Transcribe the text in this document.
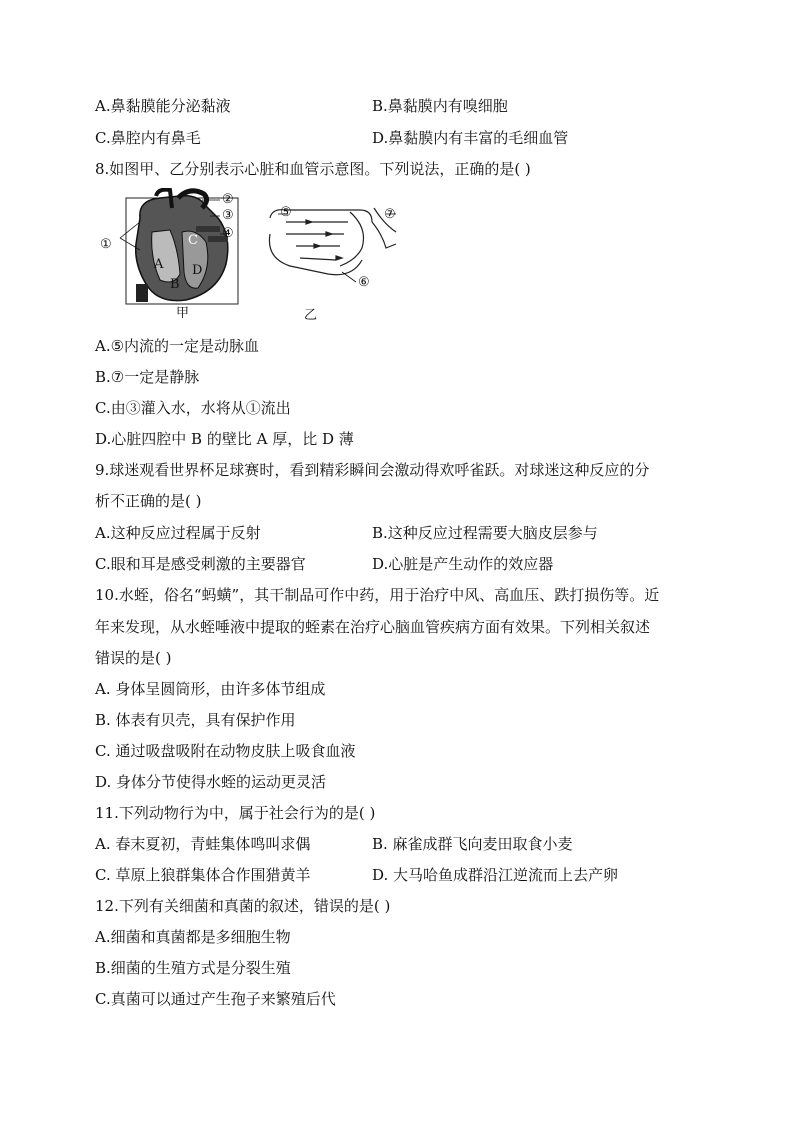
A.鼻黏膜能分泌黏液	B.鼻黏膜内有嗅细胞
C.鼻腔内有鼻毛	D.鼻黏膜内有丰富的毛细血管
8.如图甲、乙分别表示心脏和血管示意图。下列说法，正确的是( )
①
②
③
④
A
B
C
D
⑤
⑥
⑦
甲	乙
A.⑤内流的一定是动脉血
B.⑦一定是静脉
C.由③灌入水，水将从①流出
D.心脏四腔中 B 的壁比 A 厚，比 D 薄
9.球迷观看世界杯足球赛时，看到精彩瞬间会激动得欢呼雀跃。对球迷这种反应的分
析不正确的是( )
A.这种反应过程属于反射	B.这种反应过程需要大脑皮层参与
C.眼和耳是感受刺激的主要器官	D.心脏是产生动作的效应器
10.水蛭，俗名“蚂蟥”，其干制品可作中药，用于治疗中风、高血压、跌打损伤等。近
年来发现，从水蛭唾液中提取的蛭素在治疗心脑血管疾病方面有效果。下列相关叙述
错误的是( )
A. 身体呈圆筒形，由许多体节组成
B. 体表有贝壳，具有保护作用
C. 通过吸盘吸附在动物皮肤上吸食血液
D. 身体分节使得水蛭的运动更灵活
11.下列动物行为中，属于社会行为的是( )
A. 春末夏初，青蛙集体鸣叫求偶	B. 麻雀成群飞向麦田取食小麦
C. 草原上狼群集体合作围猎黄羊	D. 大马哈鱼成群沿江逆流而上去产卵
12.下列有关细菌和真菌的叙述，错误的是( )
A.细菌和真菌都是多细胞生物
B.细菌的生殖方式是分裂生殖
C.真菌可以通过产生孢子来繁殖后代
